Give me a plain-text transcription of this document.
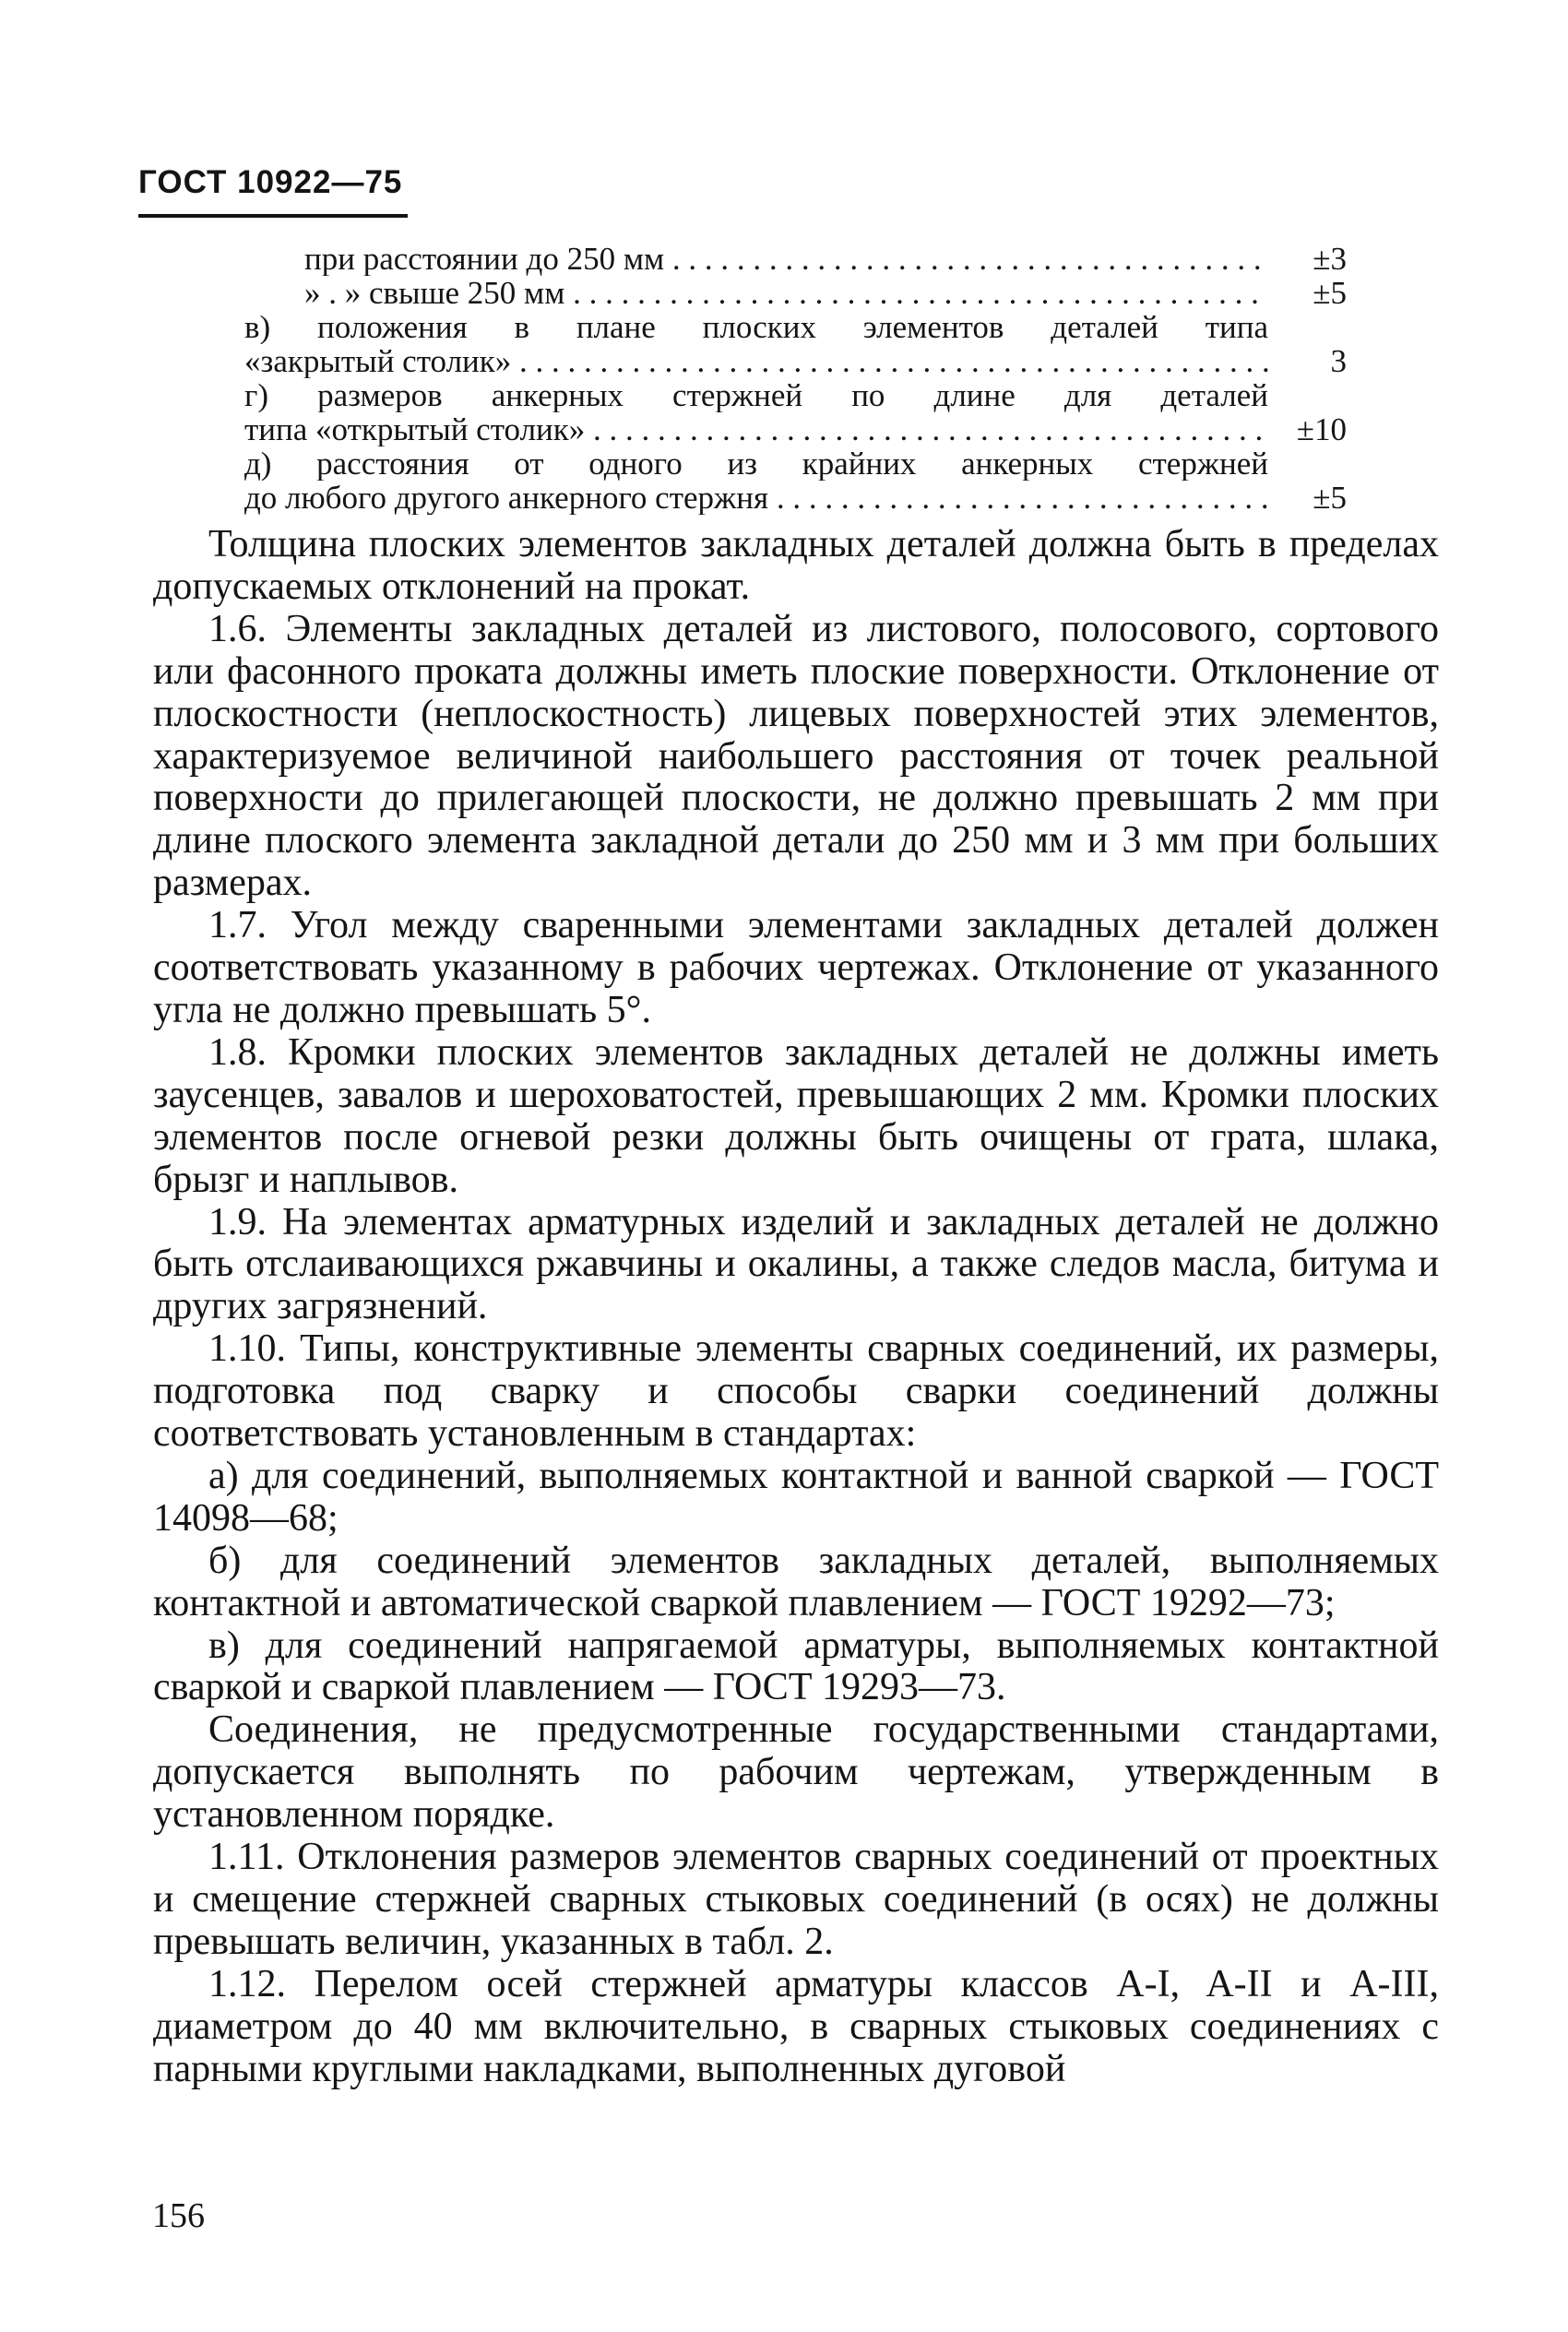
ГОСТ 10922—75
при расстоянии до 250 мм . . .	±3
» . » свыше 250 мм . . .	±5
в) положения в плане плоских элементов деталей типа
«закрытый столик» . . .	3
г) размеров анкерных стержней по длине для деталей
типа «открытый столик» . . .	±10
д) расстояния от одного из крайних анкерных стержней
до любого другого анкерного стержня . . .	±5

Толщина плоских элементов закладных деталей должна быть в пределах допускаемых отклонений на прокат.

1.6. Элементы закладных деталей из листового, полосового, сортового или фасонного проката должны иметь плоские поверхности. Отклонение от плоскостности (неплоскостность) лицевых поверхностей этих элементов, характеризуемое величиной наибольшего расстояния от точек реальной поверхности до прилегающей плоскости, не должно превышать 2 мм при длине плоского элемента закладной детали до 250 мм и 3 мм при больших размерах.

1.7. Угол между сваренными элементами закладных деталей должен соответствовать указанному в рабочих чертежах. Отклонение от указанного угла не должно превышать 5°.

1.8. Кромки плоских элементов закладных деталей не должны иметь заусенцев, завалов и шероховатостей, превышающих 2 мм. Кромки плоских элементов после огневой резки должны быть очищены от грата, шлака, брызг и наплывов.

1.9. На элементах арматурных изделий и закладных деталей не должно быть отслаивающихся ржавчины и окалины, а также следов масла, битума и других загрязнений.

1.10. Типы, конструктивные элементы сварных соединений, их размеры, подготовка под сварку и способы сварки соединений должны соответствовать установленным в стандартах:

а) для соединений, выполняемых контактной и ванной сваркой — ГОСТ 14098—68;

б) для соединений элементов закладных деталей, выполняемых контактной и автоматической сваркой плавлением — ГОСТ 19292—73;

в) для соединений напрягаемой арматуры, выполняемых контактной сваркой и сваркой плавлением — ГОСТ 19293—73.

Соединения, не предусмотренные государственными стандартами, допускается выполнять по рабочим чертежам, утвержденным в установленном порядке.

1.11. Отклонения размеров элементов сварных соединений от проектных и смещение стержней сварных стыковых соединений (в осях) не должны превышать величин, указанных в табл. 2.

1.12. Перелом осей стержней арматуры классов A-I, A-II и A-III, диаметром до 40 мм включительно, в сварных стыковых соединениях с парными круглыми накладками, выполненных дуговой

156
